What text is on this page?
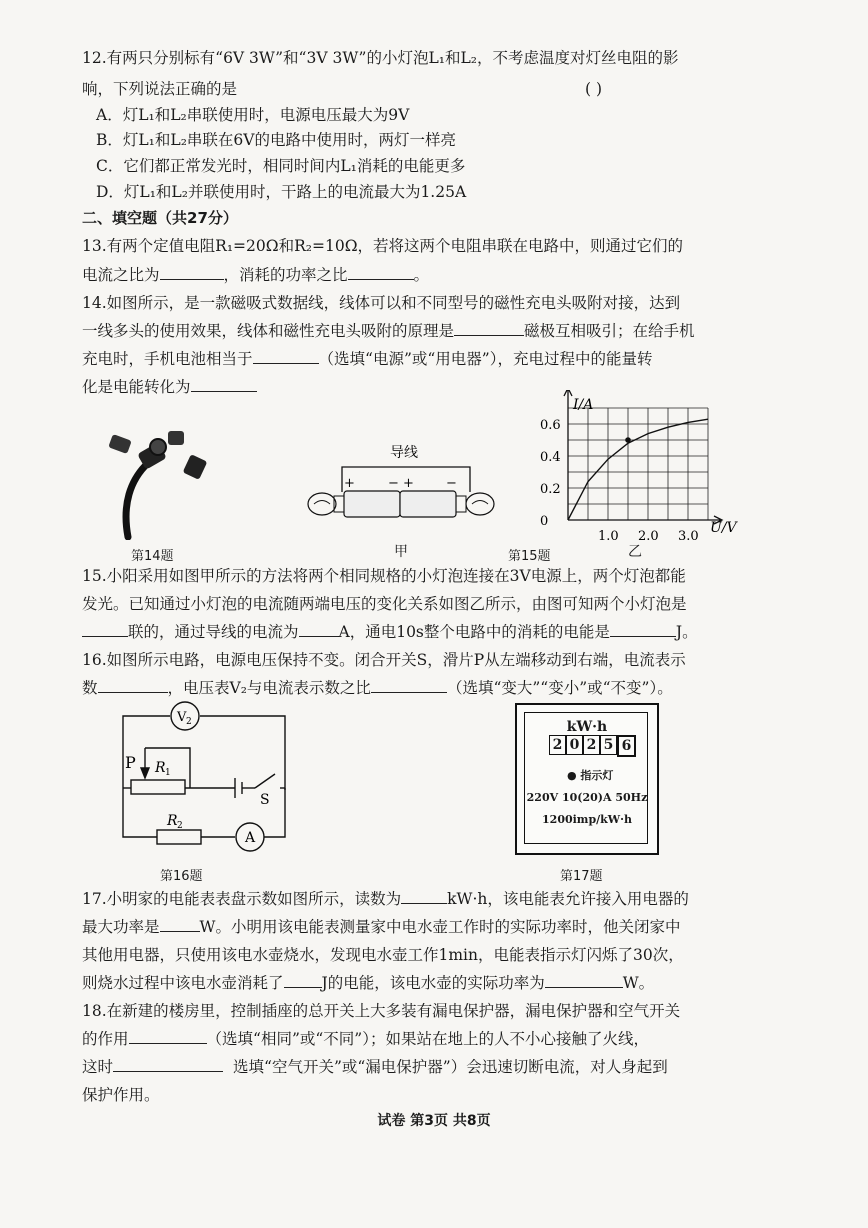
12.有两只分别标有“6V 3W”和“3V 3W”的小灯泡L₁和L₂，不考虑温度对灯丝电阻的影
响，下列说法正确的是	( )
A．灯L₁和L₂串联使用时，电源电压最大为9V
B．灯L₁和L₂串联在6V的电路中使用时，两灯一样亮
C．它们都正常发光时，相同时间内L₁消耗的电能更多
D．灯L₁和L₂并联使用时，干路上的电流最大为1.25A
二、填空题（共27分）
13.有两个定值电阻R₁=20Ω和R₂=10Ω，若将这两个电阻串联在电路中，则通过它们的
电流之比为	，消耗的功率之比	。
14.如图所示，是一款磁吸式数据线，线体可以和不同型号的磁性充电头吸附对接，达到
一线多头的使用效果，线体和磁性充电头吸附的原理是	磁极互相吸引；在给手机
充电时，手机电池相当于	（选填“电源”或“用电器”），充电过程中的能量转
化是电能转化为
第14题
导线
+	− + −
甲
0
0.2
0.4
0.6
1.0 2.0 3.0
I/A
U/V
第15题	乙
15.小阳采用如图甲所示的方法将两个相同规格的小灯泡连接在3V电源上，两个灯泡都能
发光。已知通过小灯泡的电流随两端电压的变化关系如图乙所示，由图可知两个小灯泡是
联的，通过导线的电流为	A，通电10s整个电路中的消耗的电能是	J。
16.如图所示电路，电源电压保持不变。闭合开关S，滑片P从左端移动到右端，电流表示
数	，电压表V₂与电流表示数之比	（选填“变大”“变小”或“不变”）。
V 2
P R 1
S
R 2
A
第16题
kW·h
2 0 2 5 6
● 指示灯
220V 10(20)A 50Hz
1200imp/kW·h
第17题
17.小明家的电能表表盘示数如图所示，读数为	kW·h，该电能表允许接入用电器的
最大功率是	W。小明用该电能表测量家中电水壶工作时的实际功率时，他关闭家中
其他用电器，只使用该电水壶烧水，发现电水壶工作1min，电能表指示灯闪烁了30次，
则烧水过程中该电水壶消耗了 J的电能，该电水壶的实际功率为	W。
18.在新建的楼房里，控制插座的总开关上大多装有漏电保护器，漏电保护器和空气开关
的作用	（选填“相同”或“不同”）；如果站在地上的人不小心接触了火线，
这时	选填“空气开关”或“漏电保护器”）会迅速切断电流，对人身起到
保护作用。
试卷 第3页 共8页
